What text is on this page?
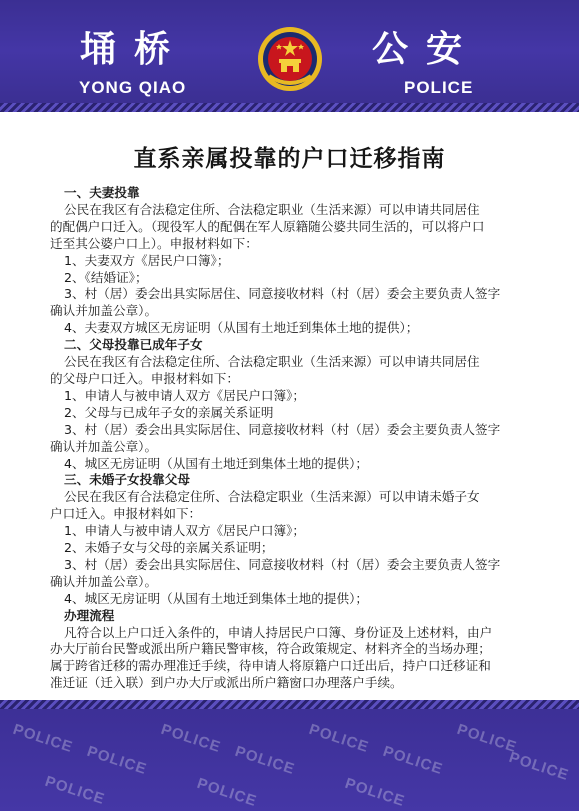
埇桥
YONG QIAO
公安
POLICE
直系亲属投靠的户口迁移指南

一、夫妻投靠

公民在我区有合法稳定住所、合法稳定职业（生活来源）可以申请共同居住

的配偶户口迁入。（现役军人的配偶在军人原籍随公婆共同生活的，可以将户口

迁至其公婆户口上）。申报材料如下：

1、夫妻双方《居民户口簿》；

2、《结婚证》；

3、村（居）委会出具实际居住、同意接收材料（村（居）委会主要负责人签字

确认并加盖公章）。

4、夫妻双方城区无房证明（从国有土地迁到集体土地的提供）；

二、父母投靠已成年子女

公民在我区有合法稳定住所、合法稳定职业（生活来源）可以申请共同居住

的父母户口迁入。申报材料如下：

1、申请人与被申请人双方《居民户口簿》；

2、父母与已成年子女的亲属关系证明

3、村（居）委会出具实际居住、同意接收材料（村（居）委会主要负责人签字

确认并加盖公章）。

4、城区无房证明（从国有土地迁到集体土地的提供）；

三、未婚子女投靠父母

公民在我区有合法稳定住所、合法稳定职业（生活来源）可以申请未婚子女

户口迁入。申报材料如下：

1、申请人与被申请人双方《居民户口簿》；

2、未婚子女与父母的亲属关系证明；

3、村（居）委会出具实际居住、同意接收材料（村（居）委会主要负责人签字

确认并加盖公章）。

4、城区无房证明（从国有土地迁到集体土地的提供）；

办理流程

凡符合以上户口迁入条件的，申请人持居民户口簿、身份证及上述材料，由户

办大厅前台民警或派出所户籍民警审核，符合政策规定、材料齐全的当场办理；

属于跨省迁移的需办理准迁手续，待申请人将原籍户口迁出后，持户口迁移证和

准迁证（迁入联）到户办大厅或派出所户籍窗口办理落户手续。

POLICE
POLICE
POLICE
POLICE
POLICE
POLICE
POLICE
POLICE
POLICE	POLICE	POLICE
